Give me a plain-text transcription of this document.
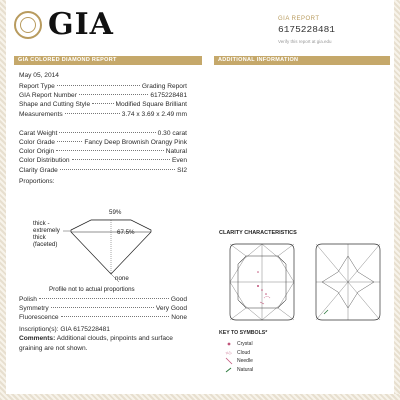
GIA	GIA REPORT
6175228481
Verify this report at gia.edu
GIA COLORED DIAMOND REPORT	ADDITIONAL INFORMATION
May 05, 2014
Report Type	Grading Report
GIA Report Number	6175228481
Shape and Cutting Style	Modified Square Brilliant
Measurements	3.74 x 3.69 x 2.49 mm
Carat Weight	0.30 carat
Color Grade	Fancy Deep Brownish Orangy Pink
Color Origin	Natural
Color Distribution	Even
Clarity Grade	SI2
Proportions:
59%
67.5%
thick -
extremely
thick
(faceted)
none
Profile not to actual proportions
Polish	Good
Symmetry	Very Good
Fluorescence	None
Inscription(s): GIA 6175228481
Comments: Additional clouds, pinpoints and surface graining are not shown.
CLARITY CHARACTERISTICS
KEY TO SYMBOLS*
Crystal
Cloud
Needle
Natural
